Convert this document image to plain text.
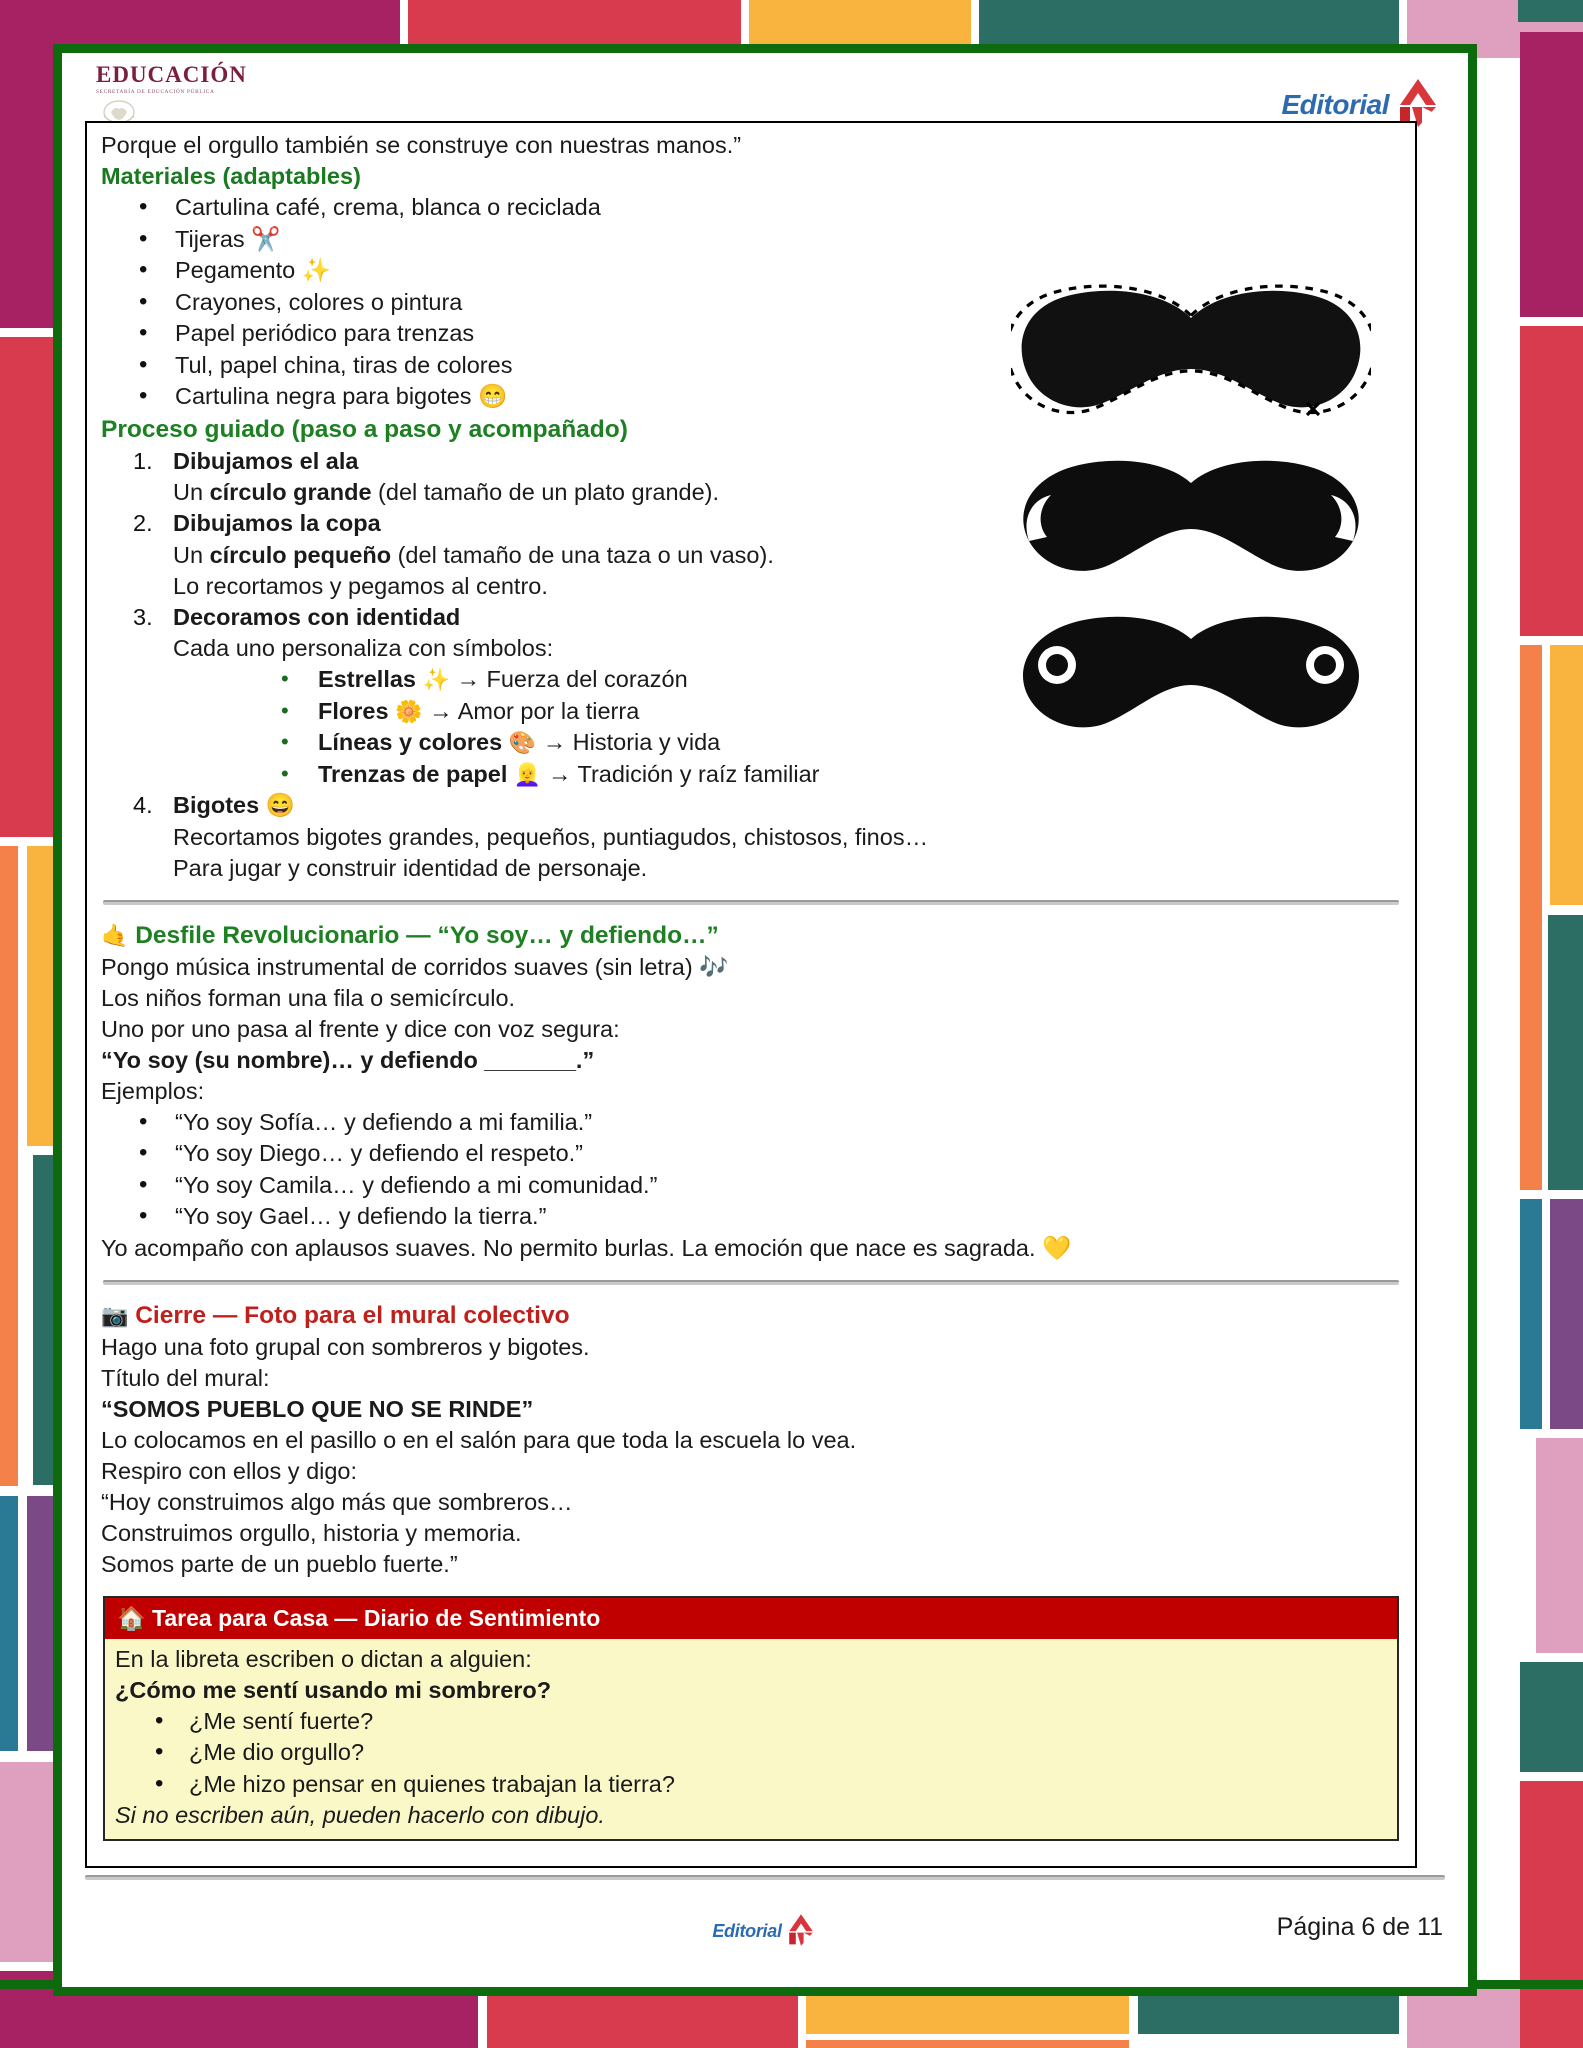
EDUCACIÓN
SECRETARÍA DE EDUCACIÓN PÚBLICA	Editorial
Porque el orgullo también se construye con nuestras manos.”
Materiales (adaptables)
• Cartulina café, crema, blanca o reciclada
• Tijeras ✂️
• Pegamento ✨
• Crayones, colores o pintura
• Papel periódico para trenzas
• Tul, papel china, tiras de colores
• Cartulina negra para bigotes 😁
Proceso guiado (paso a paso y acompañado)
Dibujamos el ala
Un círculo grande (del tamaño de un plato grande).
Dibujamos la copa
Un círculo pequeño (del tamaño de una taza o un vaso).
Lo recortamos y pegamos al centro.
Decoramos con identidad
Cada uno personaliza con símbolos:
• Estrellas ✨ → Fuerza del corazón
• Flores 🌼 → Amor por la tierra
• Líneas y colores 🎨 → Historia y vida
• Trenzas de papel 👱‍♀️ → Tradición y raíz familiar
Bigotes 😄
Recortamos bigotes grandes, pequeños, puntiagudos, chistosos, finos…
Para jugar y construir identidad de personaje.
🤙 Desfile Revolucionario — “Yo soy… y defiendo…”
Pongo música instrumental de corridos suaves (sin letra) 🎶
Los niños forman una fila o semicírculo.
Uno por uno pasa al frente y dice con voz segura:
“Yo soy (su nombre)… y defiendo _______.”
Ejemplos:
• “Yo soy Sofía… y defiendo a mi familia.”
• “Yo soy Diego… y defiendo el respeto.”
• “Yo soy Camila… y defiendo a mi comunidad.”
• “Yo soy Gael… y defiendo la tierra.”
Yo acompaño con aplausos suaves. No permito burlas. La emoción que nace es sagrada. 💛
📷 Cierre — Foto para el mural colectivo
Hago una foto grupal con sombreros y bigotes.
Título del mural:
“SOMOS PUEBLO QUE NO SE RINDE”
Lo colocamos en el pasillo o en el salón para que toda la escuela lo vea.
Respiro con ellos y digo:
“Hoy construimos algo más que sombreros…
Construimos orgullo, historia y memoria.
Somos parte de un pueblo fuerte.”
🏠 Tarea para Casa — Diario de Sentimiento
En la libreta escriben o dictan a alguien:
¿Cómo me sentí usando mi sombrero?
• ¿Me sentí fuerte?
• ¿Me dio orgullo?
• ¿Me hizo pensar en quienes trabajan la tierra?
Si no escriben aún, pueden hacerlo con dibujo.
Editorial	Página 6 de 11
